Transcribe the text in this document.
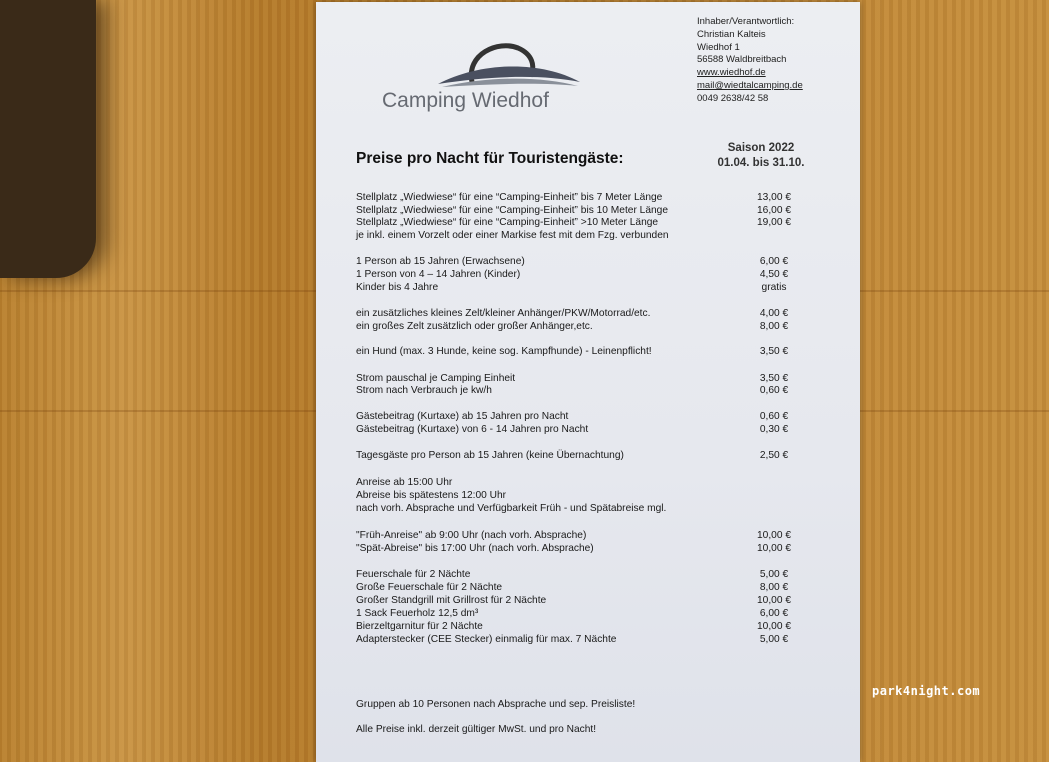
Camping Wiedhof
Inhaber/Verantwortlich:
Christian Kalteis
Wiedhof 1
56588 Waldbreitbach
www.wiedhof.de
mail@wiedtalcamping.de
0049 2638/42 58
Preise pro Nacht für Touristengäste:
Saison 2022
01.04. bis 31.10.
Stellplatz „Wiedwiese“ für eine “Camping-Einheit” bis 7 Meter Länge	13,00 €
Stellplatz „Wiedwiese“ für eine “Camping-Einheit” bis 10 Meter Länge	16,00 €
Stellplatz „Wiedwiese“ für eine “Camping-Einheit” >10 Meter Länge	19,00 €
je inkl. einem Vorzelt oder einer Markise fest mit dem Fzg. verbunden
1 Person ab 15 Jahren (Erwachsene)	6,00 €
1 Person von 4 – 14 Jahren (Kinder)	4,50 €
Kinder bis 4 Jahre	gratis
ein zusätzliches kleines Zelt/kleiner Anhänger/PKW/Motorrad/etc.	4,00 €
ein großes Zelt zusätzlich oder großer Anhänger,etc.	8,00 €
ein Hund (max. 3 Hunde, keine sog. Kampfhunde) - Leinenpflicht!	3,50 €
Strom pauschal je Camping Einheit	3,50 €
Strom nach Verbrauch je kw/h	0,60 €
Gästebeitrag (Kurtaxe) ab 15 Jahren pro Nacht	0,60 €
Gästebeitrag (Kurtaxe) von 6 - 14 Jahren pro Nacht	0,30 €
Tagesgäste pro Person ab 15 Jahren (keine Übernachtung)	2,50 €
Anreise ab 15:00 Uhr
Abreise bis spätestens 12:00 Uhr
nach vorh. Absprache und Verfügbarkeit Früh - und Spätabreise mgl.
"Früh-Anreise" ab 9:00 Uhr (nach vorh. Absprache)	10,00 €
"Spät-Abreise" bis 17:00 Uhr (nach vorh. Absprache)	10,00 €
Feuerschale für 2 Nächte	5,00 €
Große Feuerschale für 2 Nächte	8,00 €
Großer Standgrill mit Grillrost für 2 Nächte	10,00 €
1 Sack Feuerholz 12,5 dm³	6,00 €
Bierzeltgarnitur für 2 Nächte	10,00 €
Adapterstecker (CEE Stecker) einmalig für max. 7 Nächte	5,00 €
Gruppen ab 10 Personen nach Absprache und sep. Preisliste!
Alle Preise inkl. derzeit gültiger MwSt. und pro Nacht!
park4night.com
